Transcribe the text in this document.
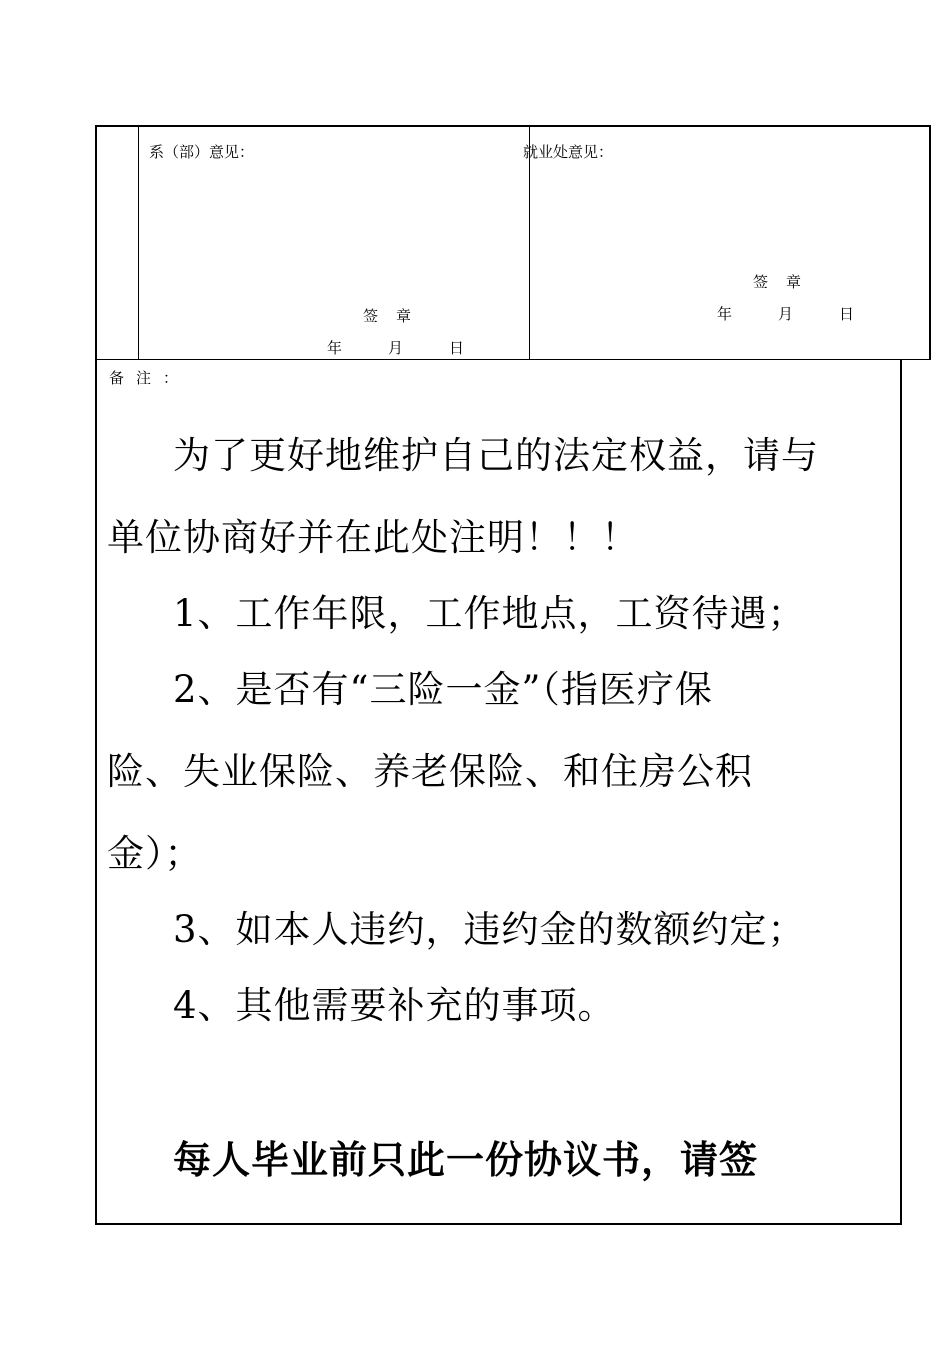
系（部）意见：
签章
年	月	日
就业处意见：
签章
年	月	日
备注：
为了更好地维护自己的法定权益，请与
单位协商好并在此处注明！！！
1、工作年限，工作地点，工资待遇；
2、是否有“三险一金”（指医疗保
险、失业保险、养老保险、和住房公积
金）；
3、如本人违约，违约金的数额约定；
4、其他需要补充的事项。
每人毕业前只此一份协议书，请签
